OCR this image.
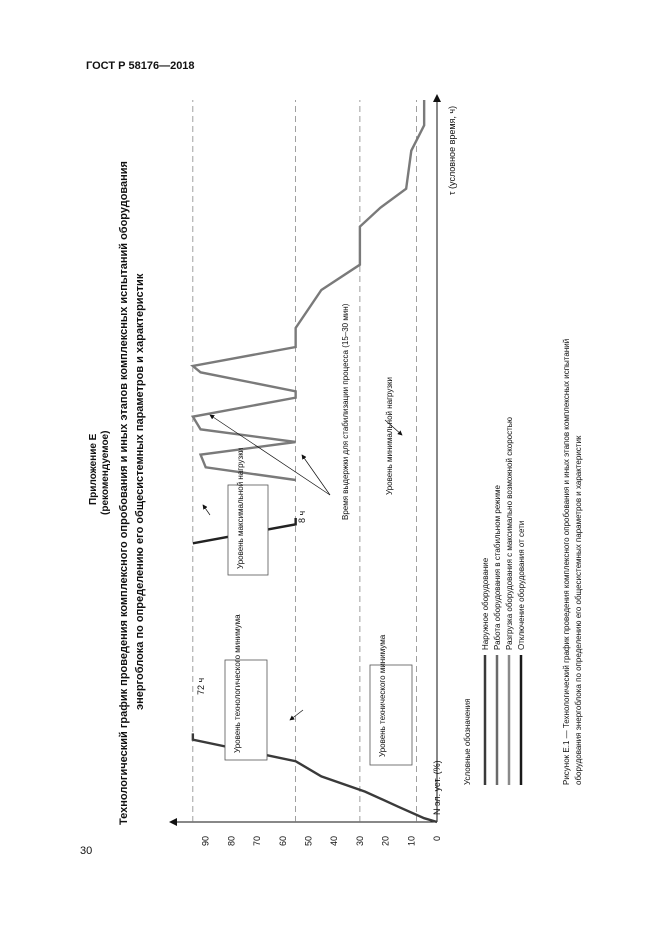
ГОСТ Р 58176—2018
30
Технологический график проведения комплексного опробования и иных этапов комплексных испытаний оборудования энергоблока по определению его общесистемных параметров и характеристик
Приложение Е (рекомендуемое)
N эл. уст. (%)
τ (условное время, ч)
0
10
20
30
40
50
60
70
80
90
72 ч
8 ч
Уровень технологического минимума	Уровень технического минимума
Уровень максимальной нагрузки
Уровень минимальной нагрузки
Время выдержки для стабилизации процесса (15–30 мин)
Условные обозначения
Наружное оборудование Работа оборудования в стабильном режиме Разгрузка оборудования с максимально возможной скоростью Отключение оборудования от сети	Рисунок Е.1 — Технологический график проведения комплексного опробования и иных этапов комплексных испытаний оборудования энергоблока по определению его общесистемных параметров и характеристик
